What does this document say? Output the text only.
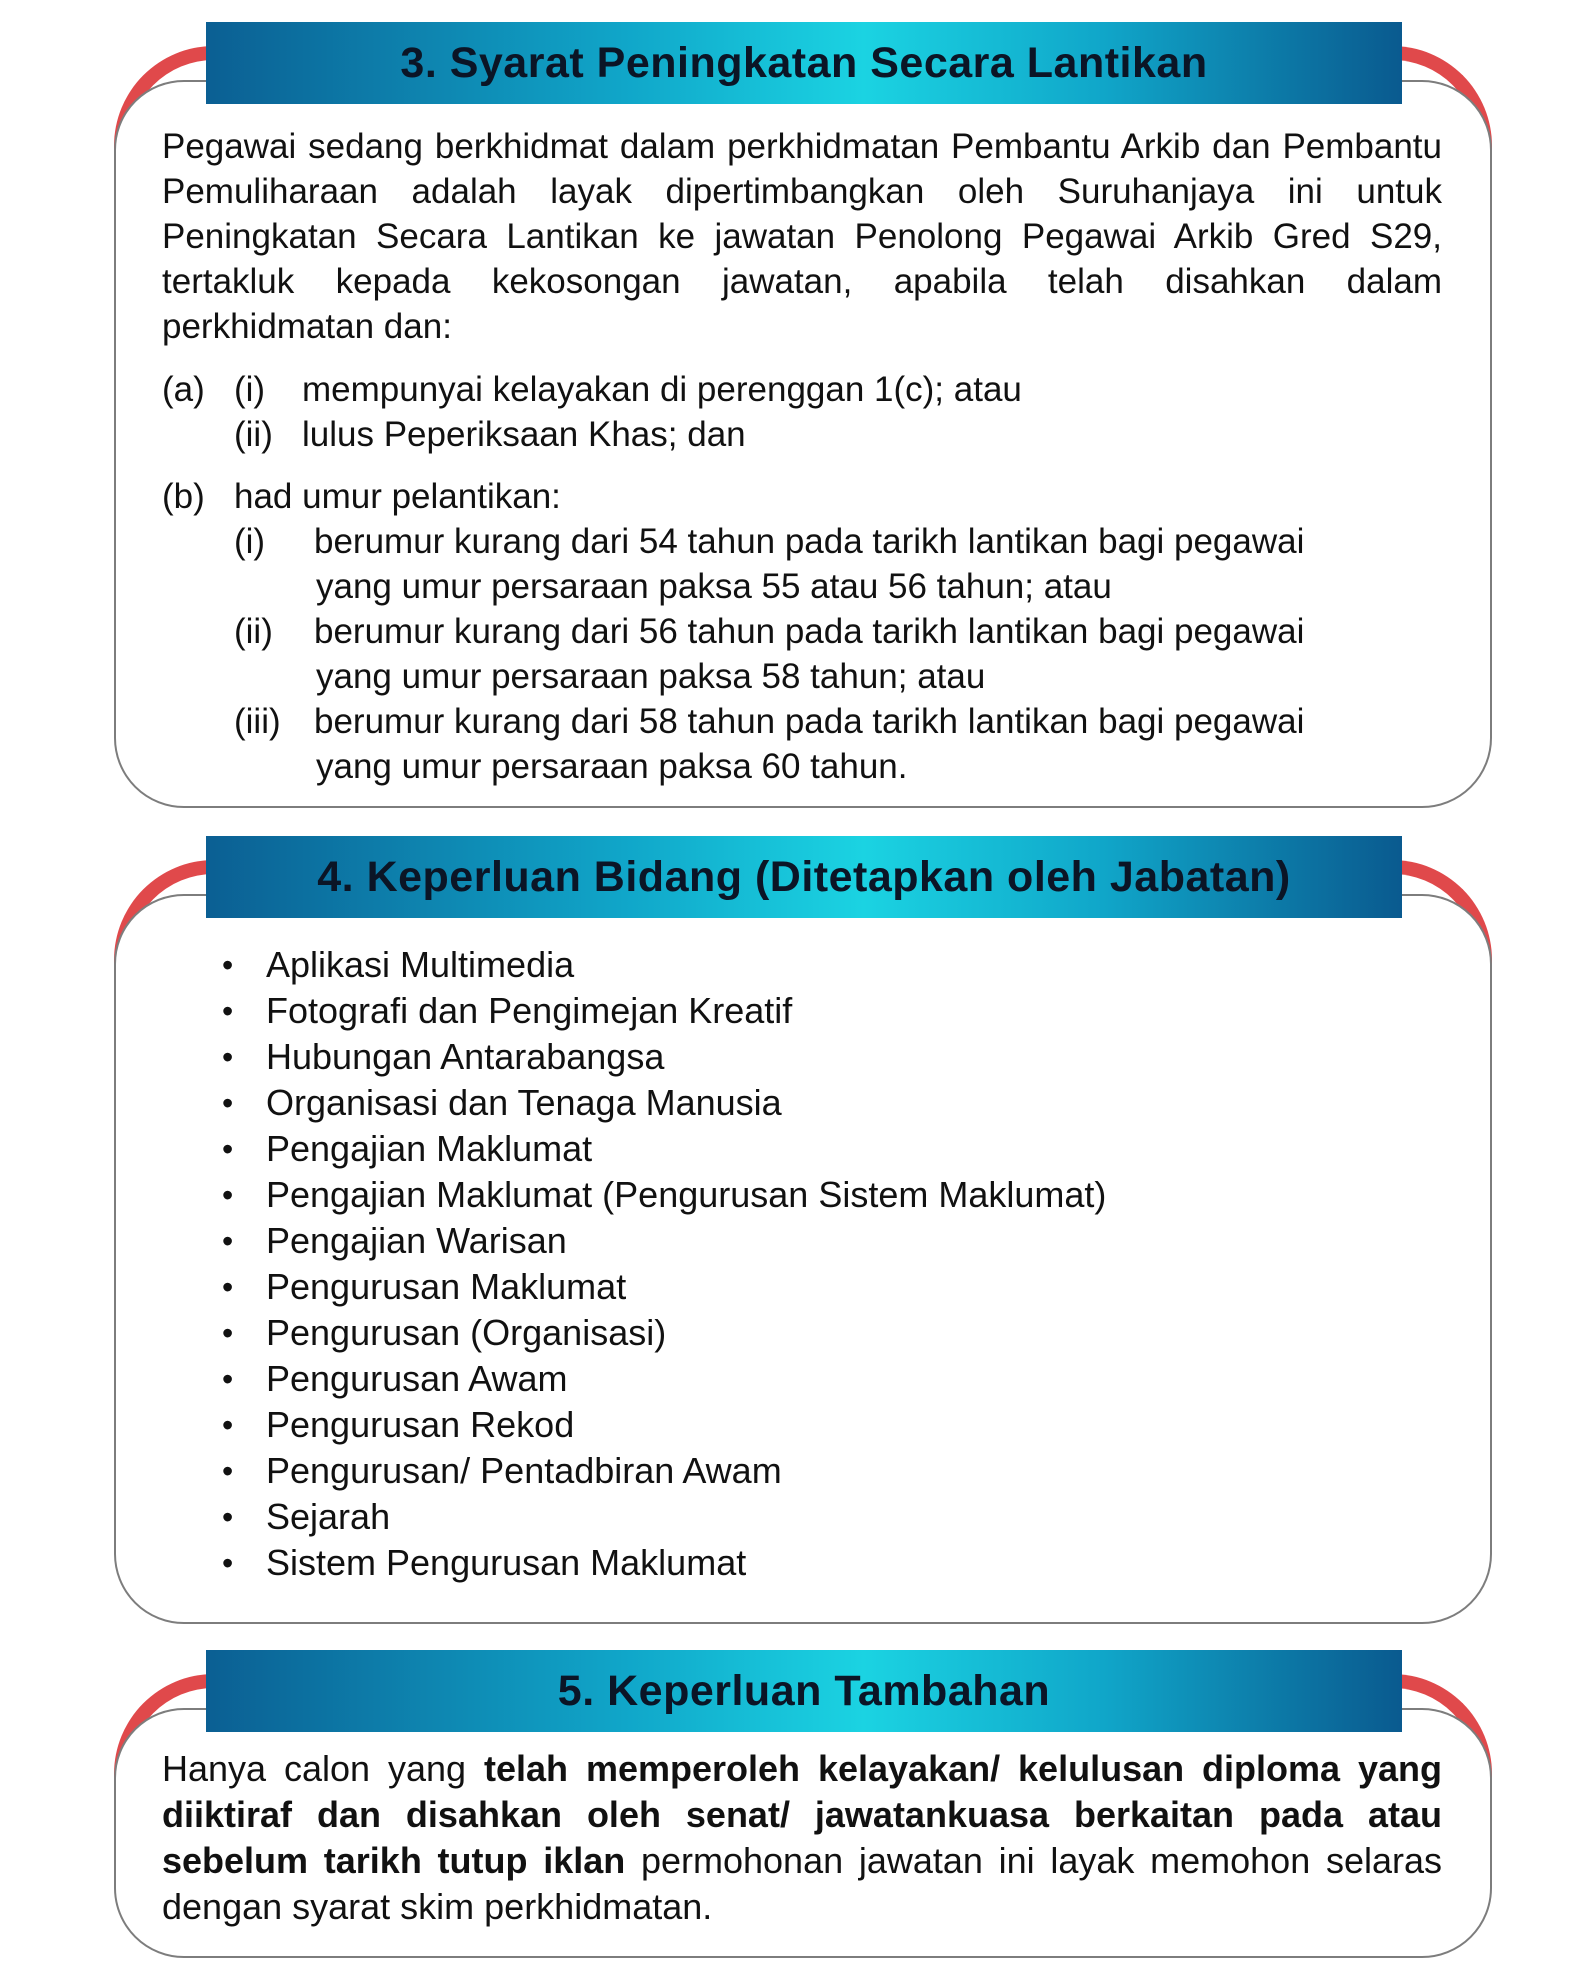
3. Syarat Peningkatan Secara Lantikan
Pegawai sedang berkhidmat dalam perkhidmatan Pembantu Arkib dan Pembantu Pemuliharaan adalah layak dipertimbangkan oleh Suruhanjaya ini untuk Peningkatan Secara Lantikan ke jawatan Penolong Pegawai Arkib Gred S29, tertakluk kepada kekosongan jawatan, apabila telah disahkan dalam perkhidmatan dan:
(a) (i)	mempunyai kelayakan di perenggan 1(c); atau
(ii) lulus Peperiksaan Khas; dan
(b) had umur pelantikan:
(i)	berumur kurang dari 54 tahun pada tarikh lantikan bagi pegawai
yang umur persaraan paksa 55 atau 56 tahun; atau
(ii)	berumur kurang dari 56 tahun pada tarikh lantikan bagi pegawai
yang umur persaraan paksa 58 tahun; atau
(iii) berumur kurang dari 58 tahun pada tarikh lantikan bagi pegawai
yang umur persaraan paksa 60 tahun.
4. Keperluan Bidang (Ditetapkan oleh Jabatan)
• Aplikasi Multimedia
• Fotografi dan Pengimejan Kreatif
• Hubungan Antarabangsa
• Organisasi dan Tenaga Manusia
• Pengajian Maklumat
• Pengajian Maklumat (Pengurusan Sistem Maklumat)
• Pengajian Warisan
• Pengurusan Maklumat
• Pengurusan (Organisasi)
• Pengurusan Awam
• Pengurusan Rekod
• Pengurusan/ Pentadbiran Awam
• Sejarah
• Sistem Pengurusan Maklumat
5. Keperluan Tambahan
Hanya calon yang telah memperoleh kelayakan/ kelulusan diploma yang diiktiraf dan disahkan oleh senat/ jawatankuasa berkaitan pada atau sebelum tarikh tutup iklan permohonan jawatan ini layak memohon selaras dengan syarat skim perkhidmatan.
